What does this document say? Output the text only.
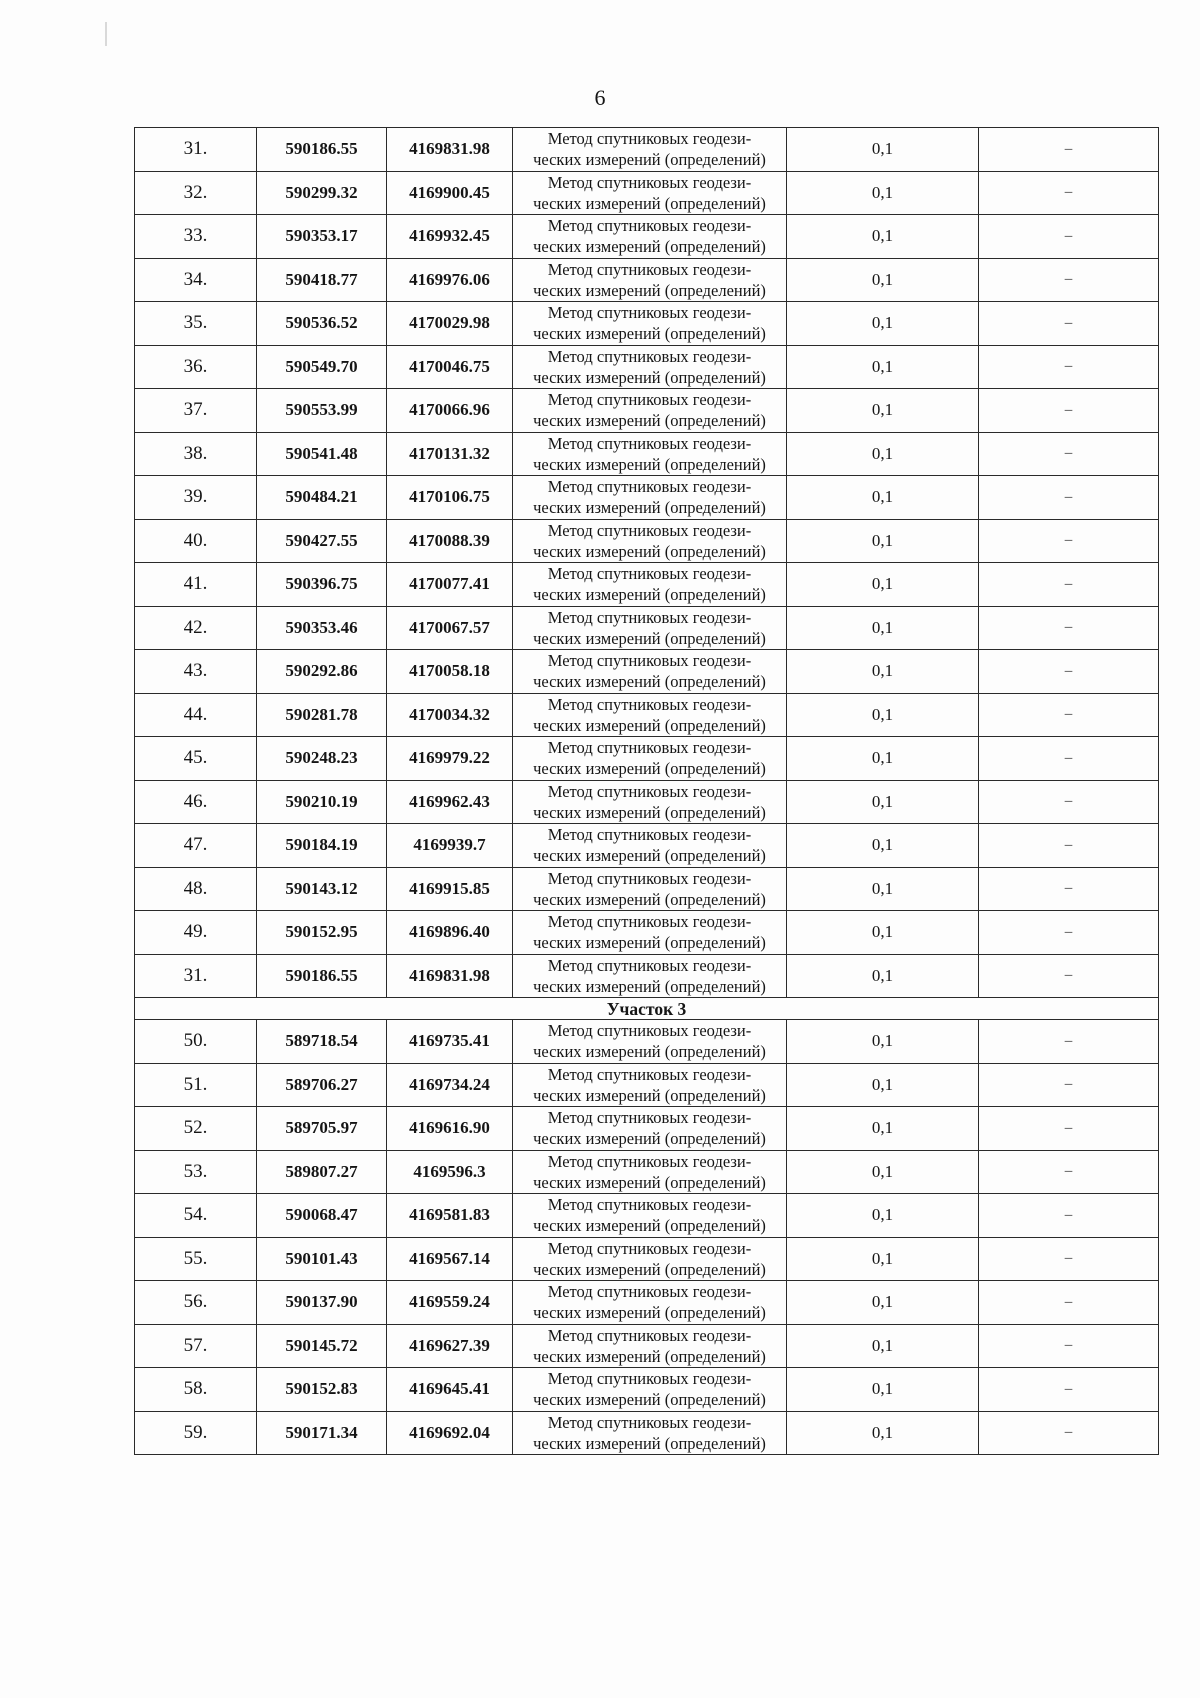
6
31.	590186.55	4169831.98	Метод спутниковых геодези-
ческих измерений (определений)	0,1	–
32.	590299.32	4169900.45	Метод спутниковых геодези-
ческих измерений (определений)	0,1	–
33.	590353.17	4169932.45	Метод спутниковых геодези-
ческих измерений (определений)	0,1	–
34.	590418.77	4169976.06	Метод спутниковых геодези-
ческих измерений (определений)	0,1	–
35.	590536.52	4170029.98	Метод спутниковых геодези-
ческих измерений (определений)	0,1	–
36.	590549.70	4170046.75	Метод спутниковых геодези-
ческих измерений (определений)	0,1	–
37.	590553.99	4170066.96	Метод спутниковых геодези-
ческих измерений (определений)	0,1	–
38.	590541.48	4170131.32	Метод спутниковых геодези-
ческих измерений (определений)	0,1	–
39.	590484.21	4170106.75	Метод спутниковых геодези-
ческих измерений (определений)	0,1	–
40.	590427.55	4170088.39	Метод спутниковых геодези-
ческих измерений (определений)	0,1	–
41.	590396.75	4170077.41	Метод спутниковых геодези-
ческих измерений (определений)	0,1	–
42.	590353.46	4170067.57	Метод спутниковых геодези-
ческих измерений (определений)	0,1	–
43.	590292.86	4170058.18	Метод спутниковых геодези-
ческих измерений (определений)	0,1	–
44.	590281.78	4170034.32	Метод спутниковых геодези-
ческих измерений (определений)	0,1	–
45.	590248.23	4169979.22	Метод спутниковых геодези-
ческих измерений (определений)	0,1	–
46.	590210.19	4169962.43	Метод спутниковых геодези-
ческих измерений (определений)	0,1	–
47.	590184.19	4169939.7	Метод спутниковых геодези-
ческих измерений (определений)	0,1	–
48.	590143.12	4169915.85	Метод спутниковых геодези-
ческих измерений (определений)	0,1	–
49.	590152.95	4169896.40	Метод спутниковых геодези-
ческих измерений (определений)	0,1	–
31.	590186.55	4169831.98	Метод спутниковых геодези-
ческих измерений (определений)	0,1	–
Участок 3					
50.	589718.54	4169735.41	Метод спутниковых геодези-
ческих измерений (определений)	0,1	–
51.	589706.27	4169734.24	Метод спутниковых геодези-
ческих измерений (определений)	0,1	–
52.	589705.97	4169616.90	Метод спутниковых геодези-
ческих измерений (определений)	0,1	–
53.	589807.27	4169596.3	Метод спутниковых геодези-
ческих измерений (определений)	0,1	–
54.	590068.47	4169581.83	Метод спутниковых геодези-
ческих измерений (определений)	0,1	–
55.	590101.43	4169567.14	Метод спутниковых геодези-
ческих измерений (определений)	0,1	–
56.	590137.90	4169559.24	Метод спутниковых геодези-
ческих измерений (определений)	0,1	–
57.	590145.72	4169627.39	Метод спутниковых геодези-
ческих измерений (определений)	0,1	–
58.	590152.83	4169645.41	Метод спутниковых геодези-
ческих измерений (определений)	0,1	–
59.	590171.34	4169692.04	Метод спутниковых геодези-
ческих измерений (определений)	0,1	–
